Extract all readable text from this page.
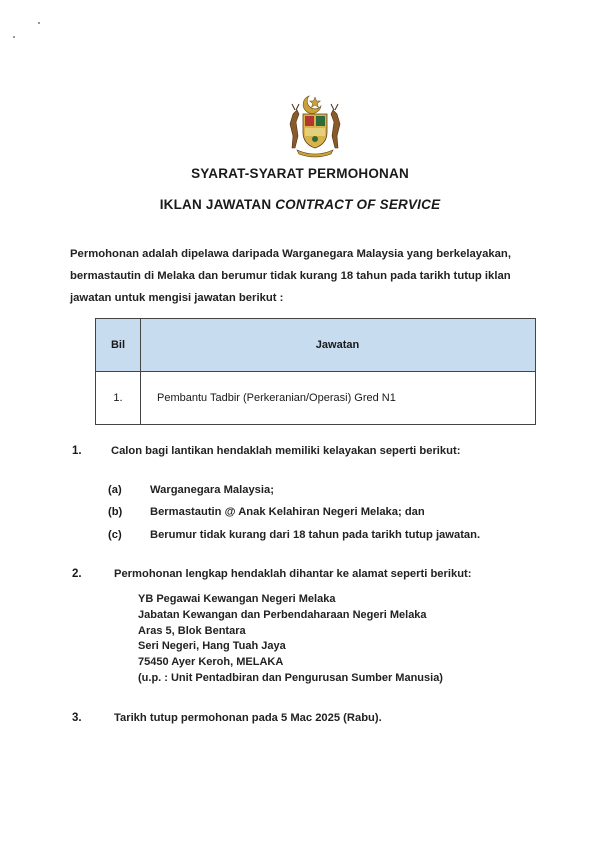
SYARAT-SYARAT PERMOHONAN
IKLAN JAWATAN CONTRACT OF SERVICE
Permohonan adalah dipelawa daripada Warganegara Malaysia yang berkelayakan, bermastautin di Melaka dan berumur tidak kurang 18 tahun pada tarikh tutup iklan jawatan untuk mengisi jawatan berikut :
Bil	Jawatan
1.	Pembantu Tadbir (Perkeranian/Operasi) Gred N1
1.	Calon bagi lantikan hendaklah memiliki kelayakan seperti berikut:
(a)	Warganegara Malaysia;
(b) Bermastautin @ Anak Kelahiran Negeri Melaka; dan
(c)	Berumur tidak kurang dari 18 tahun pada tarikh tutup jawatan.
2.	Permohonan lengkap hendaklah dihantar ke alamat seperti berikut:
YB Pegawai Kewangan Negeri Melaka
Jabatan Kewangan dan Perbendaharaan Negeri Melaka
Aras 5, Blok Bentara
Seri Negeri, Hang Tuah Jaya
75450 Ayer Keroh, MELAKA
(u.p. : Unit Pentadbiran dan Pengurusan Sumber Manusia)
3.	Tarikh tutup permohonan pada 5 Mac 2025 (Rabu).
